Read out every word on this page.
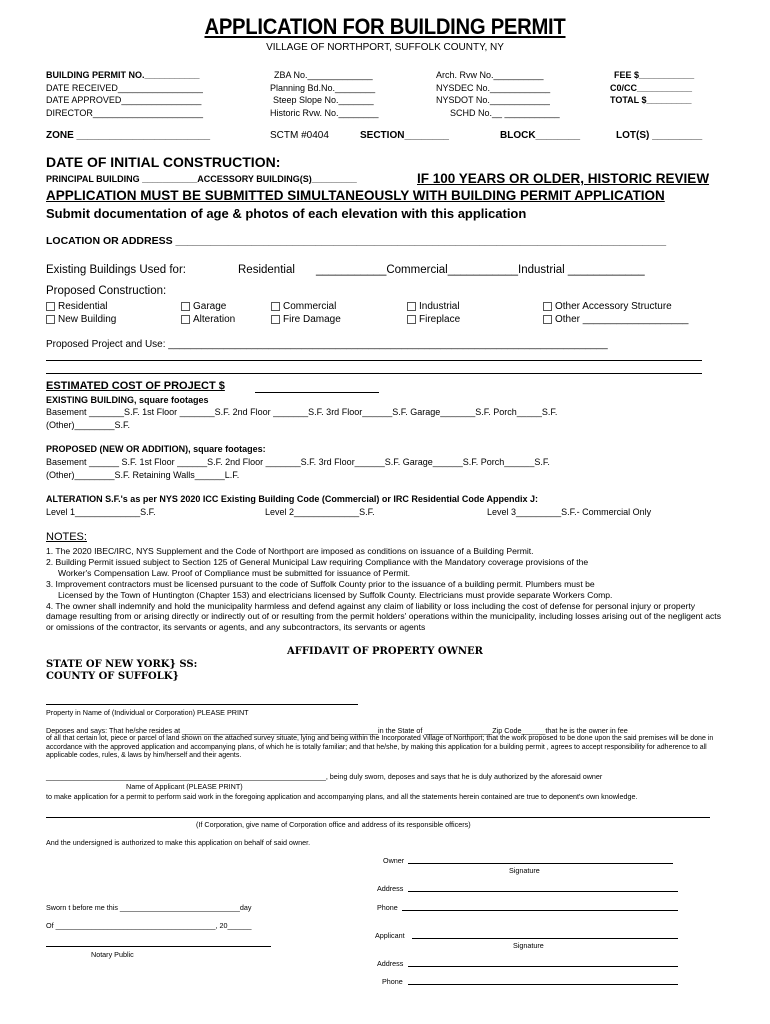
APPLICATION FOR BUILDING PERMIT
VILLAGE OF NORTHPORT, SUFFOLK COUNTY, NY
BUILDING PERMIT NO.___________
DATE RECEIVED_________________
DATE APPROVED________________
DIRECTOR______________________
ZBA No._____________
Planning Bd.No.________
Steep Slope No._______
Historic Rvw. No.________
Arch. Rvw No.__________
NYSDEC No.____________
NYSDOT No.____________
SCHD No.__ ___________
FEE $___________
C0/CC___________
TOTAL $_________
ZONE ________________________	SCTM #0404	SECTION________	BLOCK________	LOT(S) _________
DATE OF INITIAL CONSTRUCTION:
PRINCIPAL BUILDING ___________ACCESSORY BUILDING(S)_________	IF 100 YEARS OR OLDER, HISTORIC REVIEW
APPLICATION MUST BE SUBMITTED SIMULTANEOUSLY WITH BUILDING PERMIT APPLICATION
Submit documentation of age & photos of each elevation with this application
LOCATION OR ADDRESS ____________________________________________________________________________________
Existing Buildings Used for:	Residential ___________Commercial___________Industrial ____________
Proposed Construction:
Residential	Garage	Commercial	Industrial	Other Accessory Structure
New Building	Alteration	Fire Damage	Fireplace	Other ___________________
Proposed Project and Use: _______________________________________________________________________________
ESTIMATED COST OF PROJECT $
EXISTING BUILDING, square footages
Basement _______S.F. 1st Floor _______S.F. 2nd Floor _______S.F. 3rd Floor______S.F. Garage_______S.F. Porch_____S.F.
(Other)________S.F.
PROPOSED (NEW OR ADDITION), square footages:
Basement ______ S.F. 1st Floor ______S.F. 2nd Floor _______S.F. 3rd Floor______S.F. Garage______S.F. Porch______S.F.
(Other)________S.F. Retaining Walls______L.F.
ALTERATION S.F.'s as per NYS 2020 ICC Existing Building Code (Commercial) or IRC Residential Code Appendix J:
Level 1_____________S.F.	Level 2_____________S.F.	Level 3_________S.F.- Commercial Only
NOTES:
1. The 2020 IBEC/IRC, NYS Supplement and the Code of Northport are imposed as conditions on issuance of a Building Permit.
2. Building Permit issued subject to Section 125 of General Municipal Law requiring Compliance with the Mandatory coverage provisions of the
Worker's Compensation Law. Proof of Compliance must be submitted for issuance of Permit.
3. Improvement contractors must be licensed pursuant to the code of Suffolk County prior to the issuance of a building permit. Plumbers must be
Licensed by the Town of Huntington (Chapter 153) and electricians licensed by Suffolk County. Electricians must provide separate Workers Comp.
4. The owner shall indemnify and hold the municipality harmless and defend against any claim of liability or loss including the cost of defense for personal injury or property damage resulting from or arising directly or indirectly out of or resulting from the permit holders' operations within the municipality, including losses arising out of the negligent acts or omissions of the contractor, its servants or agents, and any subcontractors, its servants or agents
AFFIDAVIT OF PROPERTY OWNER
STATE OF NEW YORK} SS:
COUNTY OF SUFFOLK}
Property in Name of (Individual or Corporation) PLEASE PRINT
Deposes and says: That he/she resides at _________________________________________________in the State of _________________Zip Code______that he is the owner in fee
of all that certain lot, piece or parcel of land shown on the attached survey situate, lying and being within the Incorporated Village of Northport; that the work proposed to be done upon the said premises will be done in accordance with the approved application and accompanying plans, of which he is totally familiar; and that he/she, by making this application for a building permit , agrees to accept responsibility for adherence to all applicable codes, rules, & laws by him/herself and their agents.
______________________________________________________________________, being duly sworn, deposes and says that he is duly authorized by the aforesaid owner
Name of Applicant (PLEASE PRINT)
to make application for a permit to perform said work in the foregoing application and accompanying plans, and all the statements herein contained are true to deponent's own knowledge.
(If Corporation, give name of Corporation office and address of its responsible officers)
And the undersigned is authorized to make this application on behalf of said owner.
Owner
Signature
Address
Phone
Applicant
Signature
Address
Phone
Sworn t before me this ______________________________day
Of ________________________________________, 20______
Notary Public
